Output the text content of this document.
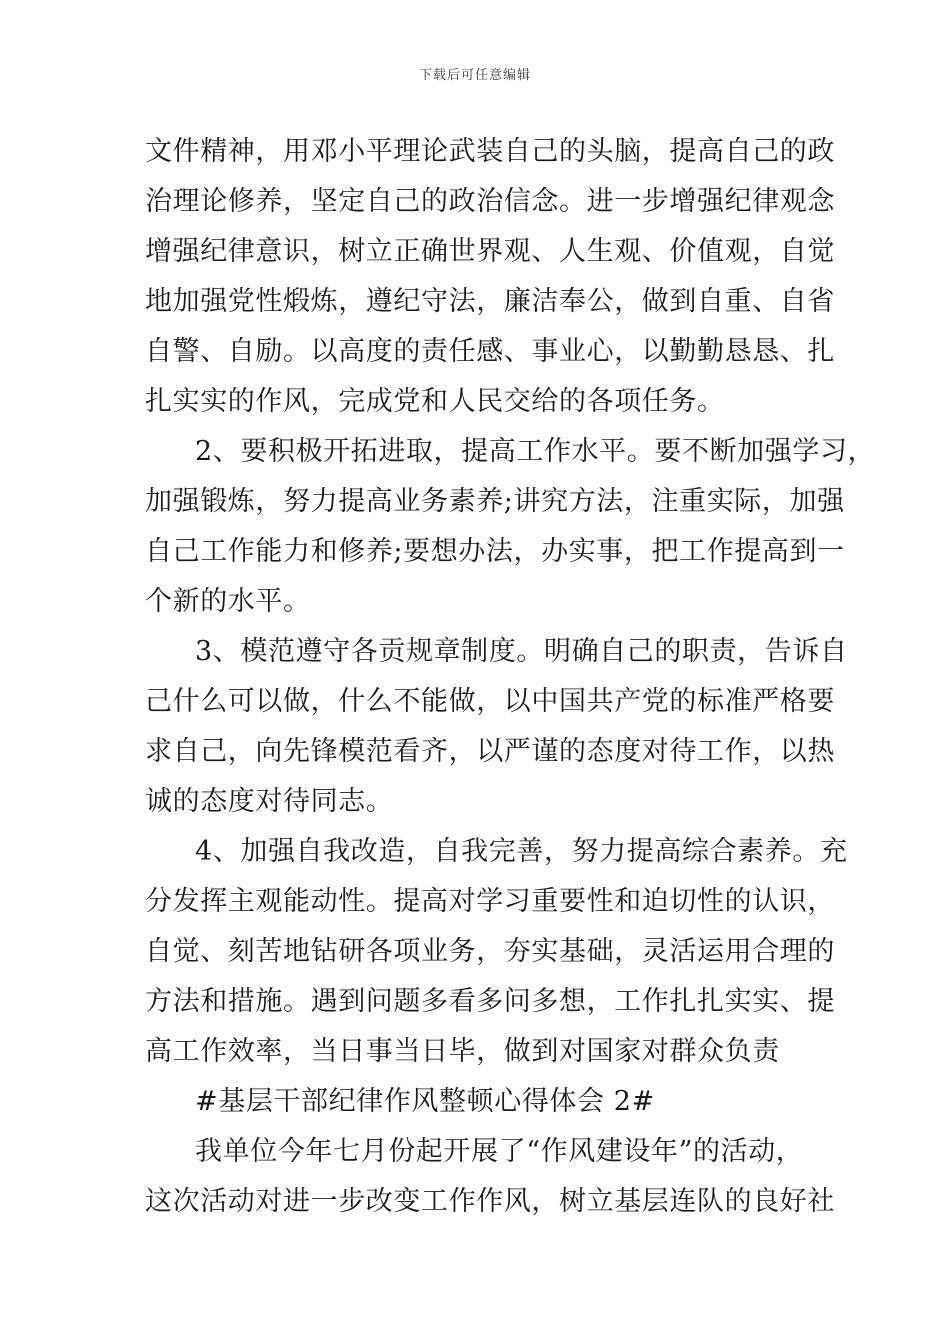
下载后可任意编辑
文件精神，用邓小平理论武装自己的头脑，提高自己的政
治理论修养，坚定自己的政治信念。进一步增强纪律观念
增强纪律意识，树立正确世界观、人生观、价值观，自觉
地加强党性煅炼，遵纪守法，廉洁奉公，做到自重、自省
自警、自励。以高度的责任感、事业心，以勤勤恳恳、扎
扎实实的作风，完成党和人民交给的各项任务。
2、要积极开拓进取，提高工作水平。要不断加强学习，
加强锻炼，努力提高业务素养;讲究方法，注重实际，加强
自己工作能力和修养;要想办法，办实事，把工作提高到一
个新的水平。
3、模范遵守各贡规章制度。明确自己的职责，告诉自
己什么可以做，什么不能做，以中国共产党的标准严格要
求自己，向先锋模范看齐，以严谨的态度对待工作，以热
诚的态度对待同志。
4、加强自我改造，自我完善，努力提高综合素养。充
分发挥主观能动性。提高对学习重要性和迫切性的认识，
自觉、刻苦地钻研各项业务，夯实基础，灵活运用合理的
方法和措施。遇到问题多看多问多想，工作扎扎实实、提
高工作效率，当日事当日毕，做到对国家对群众负责
#基层干部纪律作风整顿心得体会 2#
我单位今年七月份起开展了“作风建设年”的活动，
这次活动对进一步改变工作作风，树立基层连队的良好社
